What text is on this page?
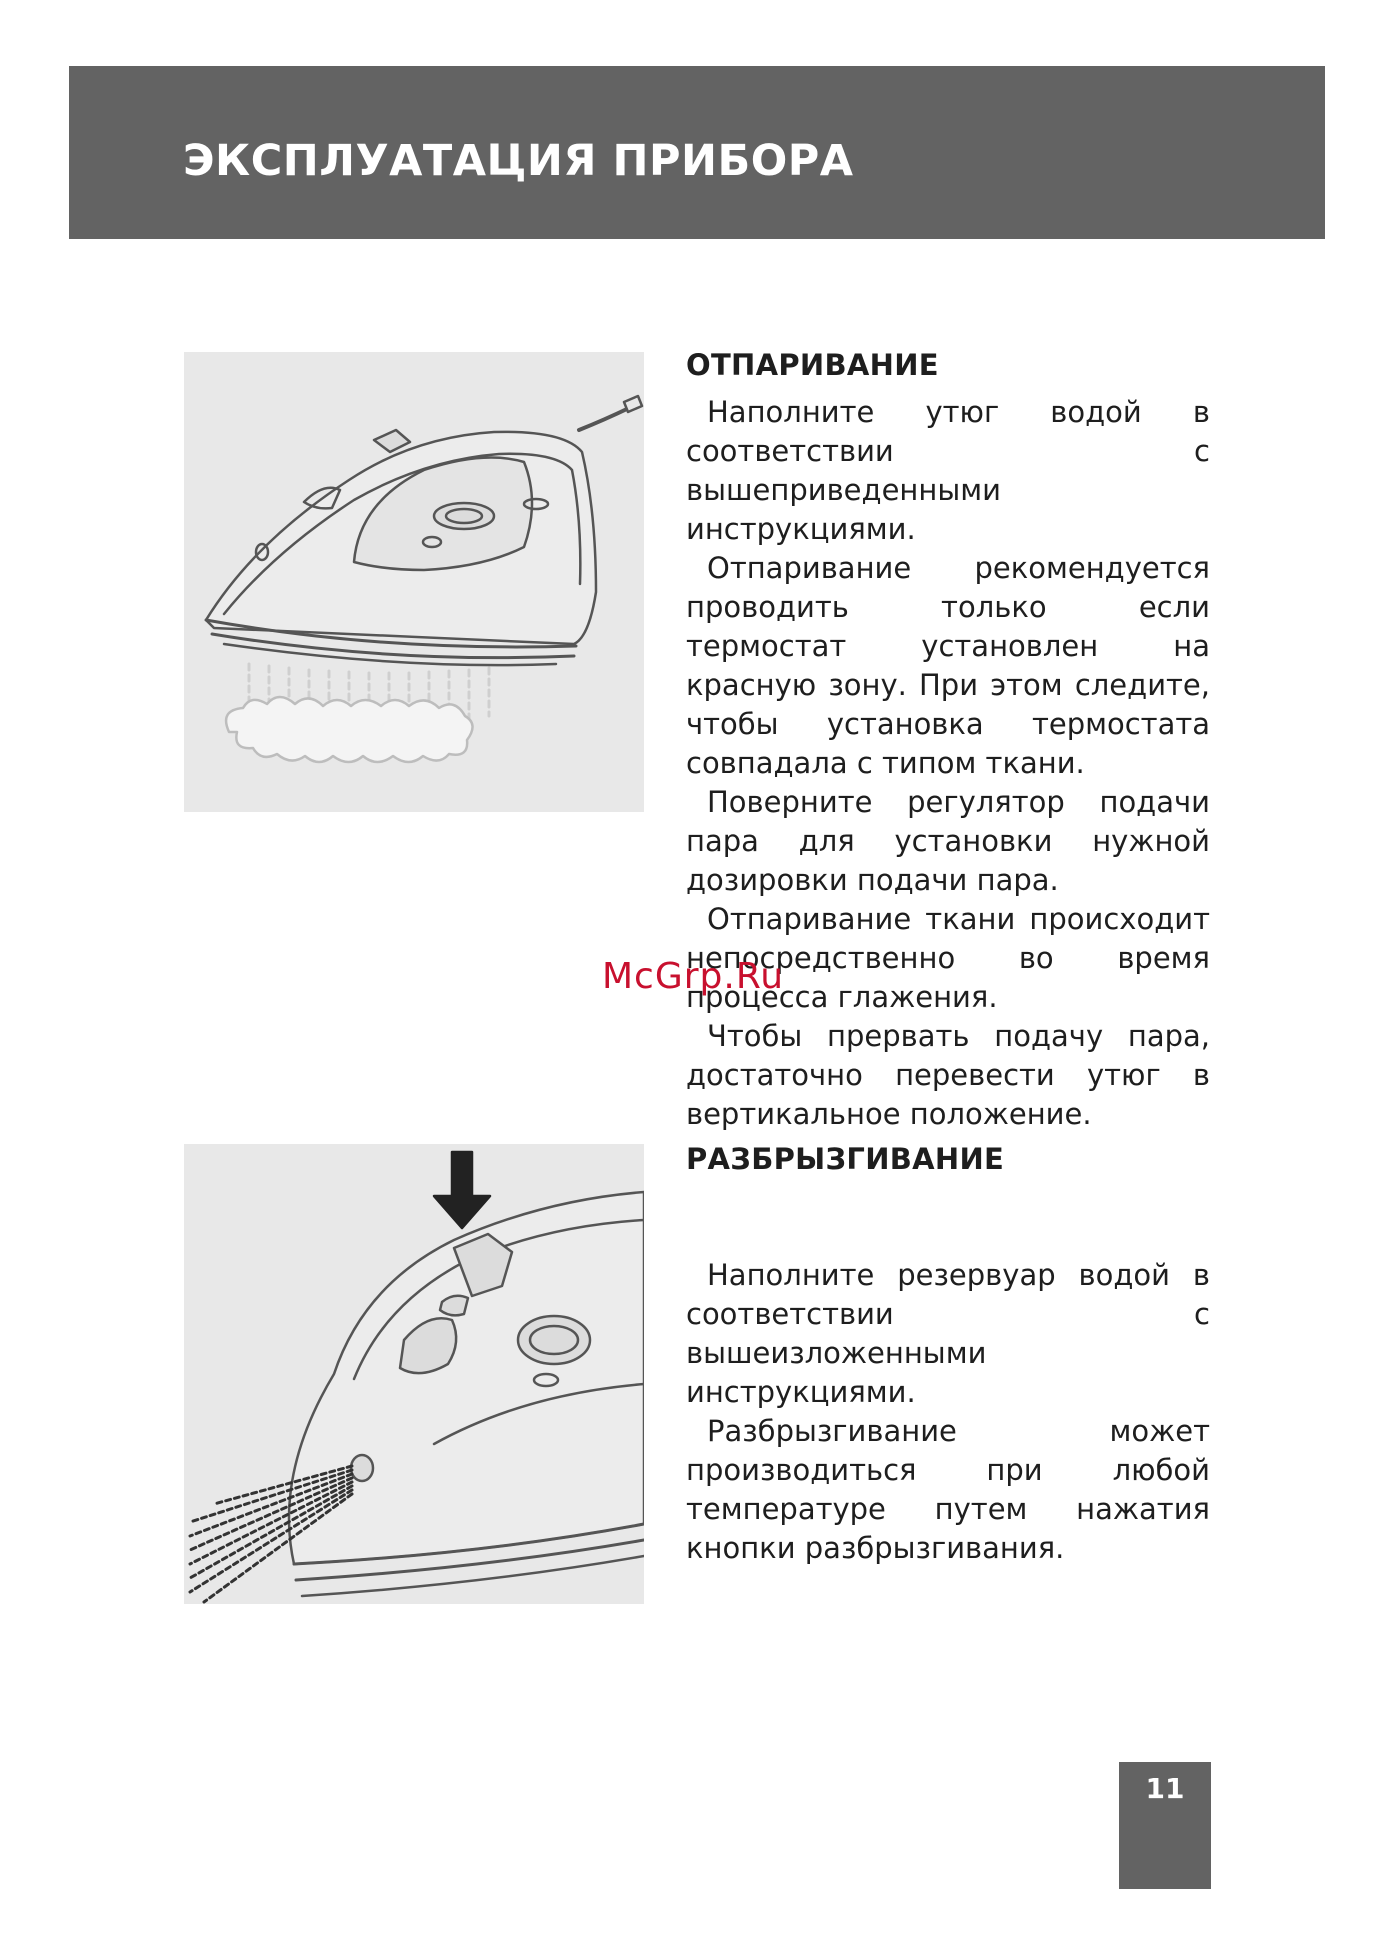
ЭКСПЛУАТАЦИЯ ПРИБОРА
ОТПАРИВАНИЕ

Наполните утюг водой в соответствии с вышеприведенными инструкциями.

Отпаривание рекомендуется проводить только если термостат установлен на красную зону. При этом следите, чтобы установка термостата совпадала с типом ткани.

Поверните регулятор подачи пара для установки нужной дозировки подачи пара.

Отпаривание ткани происходит непосредственно во время процесса глажения.

Чтобы прервать подачу пара, достаточно перевести утюг в вертикальное положение.

РАЗБРЫЗГИВАНИЕ

Наполните резервуар водой в соответствии с вышеизложенными инструкциями.

Разбрызгивание может производиться при любой температуре путем нажатия кнопки разбрызгивания.

McGrp.Ru
11
